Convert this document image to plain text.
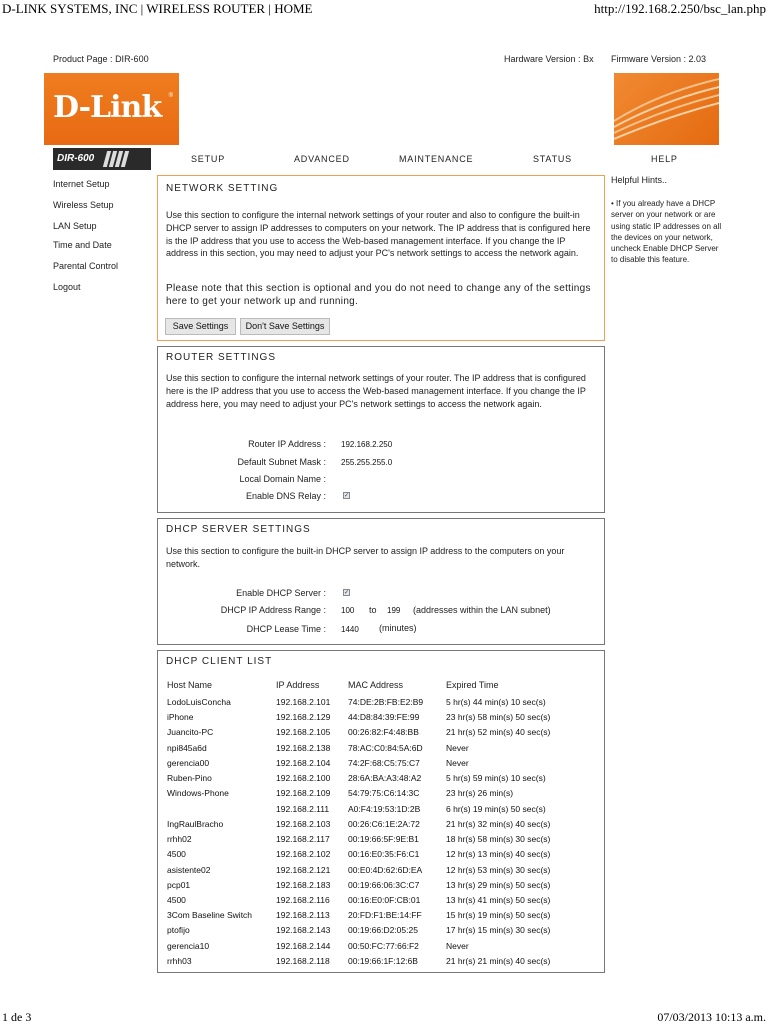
D-LINK SYSTEMS, INC | WIRELESS ROUTER | HOME	http://192.168.2.250/bsc_lan.php
1 de 3	07/03/2013 10:13 a.m.
Product Page : DIR-600	Hardware Version : Bx Firmware Version : 2.03
D-Link ®
DIR-600	SETUP	ADVANCED	MAINTENANCE	STATUS	HELP
Internet Setup
Wireless Setup
LAN Setup
Time and Date
Parental Control
Logout
NETWORK SETTING
Use this section to configure the internal network settings of your router and also to configure the built-in DHCP server to assign IP addresses to computers on your network. The IP address that is configured here is the IP address that you use to access the Web-based management interface. If you change the IP address in this section, you may need to adjust your PC's network settings to access the network again.
Please note that this section is optional and you do not need to change any of the settings here to get your network up and running.
Save Settings	Don't Save Settings
ROUTER SETTINGS
Use this section to configure the internal network settings of your router. The IP address that is configured here is the IP address that you use to access the Web-based management interface. If you change the IP address here, you may need to adjust your PC's network settings to access the network again.
Router IP Address : 192.168.2.250
Default Subnet Mask : 255.255.255.0
Local Domain Name :
Enable DNS Relay :	✓
DHCP SERVER SETTINGS
Use this section to configure the built-in DHCP server to assign IP address to the computers on your network.
Enable DHCP Server :	✓
DHCP IP Address Range : 100 to 199 (addresses within the LAN subnet)
DHCP Lease Time : 1440 (minutes)
Helpful Hints..
• If you already have a DHCP server on your network or are using static IP addresses on all the devices on your network, uncheck Enable DHCP Server to disable this feature.
DHCP CLIENT LIST
Host Name	IP Address	MAC Address	Expired Time
LodoLuisConcha	192.168.2.101 74:DE:2B:FB:E2:B9	5 hr(s) 44 min(s) 10 sec(s)
iPhone	192.168.2.129 44:D8:84:39:FE:99	23 hr(s) 58 min(s) 50 sec(s)
Juancito-PC	192.168.2.105 00:26:82:F4:48:BB	21 hr(s) 52 min(s) 40 sec(s)
npi845a6d	192.168.2.138 78:AC:C0:84:5A:6D	Never
gerencia00	192.168.2.104 74:2F:68:C5:75:C7	Never
Ruben-Pino	192.168.2.100 28:6A:BA:A3:48:A2	5 hr(s) 59 min(s) 10 sec(s)
Windows-Phone	192.168.2.109 54:79:75:C6:14:3C	23 hr(s) 26 min(s)
192.168.2.111 A0:F4:19:53:1D:2B	6 hr(s) 19 min(s) 50 sec(s)
IngRaulBracho	192.168.2.103 00:26:C6:1E:2A:72	21 hr(s) 32 min(s) 40 sec(s)
rrhh02	192.168.2.117 00:19:66:5F:9E:B1	18 hr(s) 58 min(s) 30 sec(s)
4500	192.168.2.102 00:16:E0:35:F6:C1	12 hr(s) 13 min(s) 40 sec(s)
asistente02	192.168.2.121 00:E0:4D:62:6D:EA	12 hr(s) 53 min(s) 30 sec(s)
pcp01	192.168.2.183 00:19:66:06:3C:C7	13 hr(s) 29 min(s) 50 sec(s)
4500	192.168.2.116 00:16:E0:0F:CB:01	13 hr(s) 41 min(s) 50 sec(s)
3Com Baseline Switch	192.168.2.113 20:FD:F1:BE:14:FF	15 hr(s) 19 min(s) 50 sec(s)
ptofijo	192.168.2.143 00:19:66:D2:05:25	17 hr(s) 15 min(s) 30 sec(s)
gerencia10	192.168.2.144 00:50:FC:77:66:F2	Never
rrhh03	192.168.2.118 00:19:66:1F:12:6B	21 hr(s) 21 min(s) 40 sec(s)
